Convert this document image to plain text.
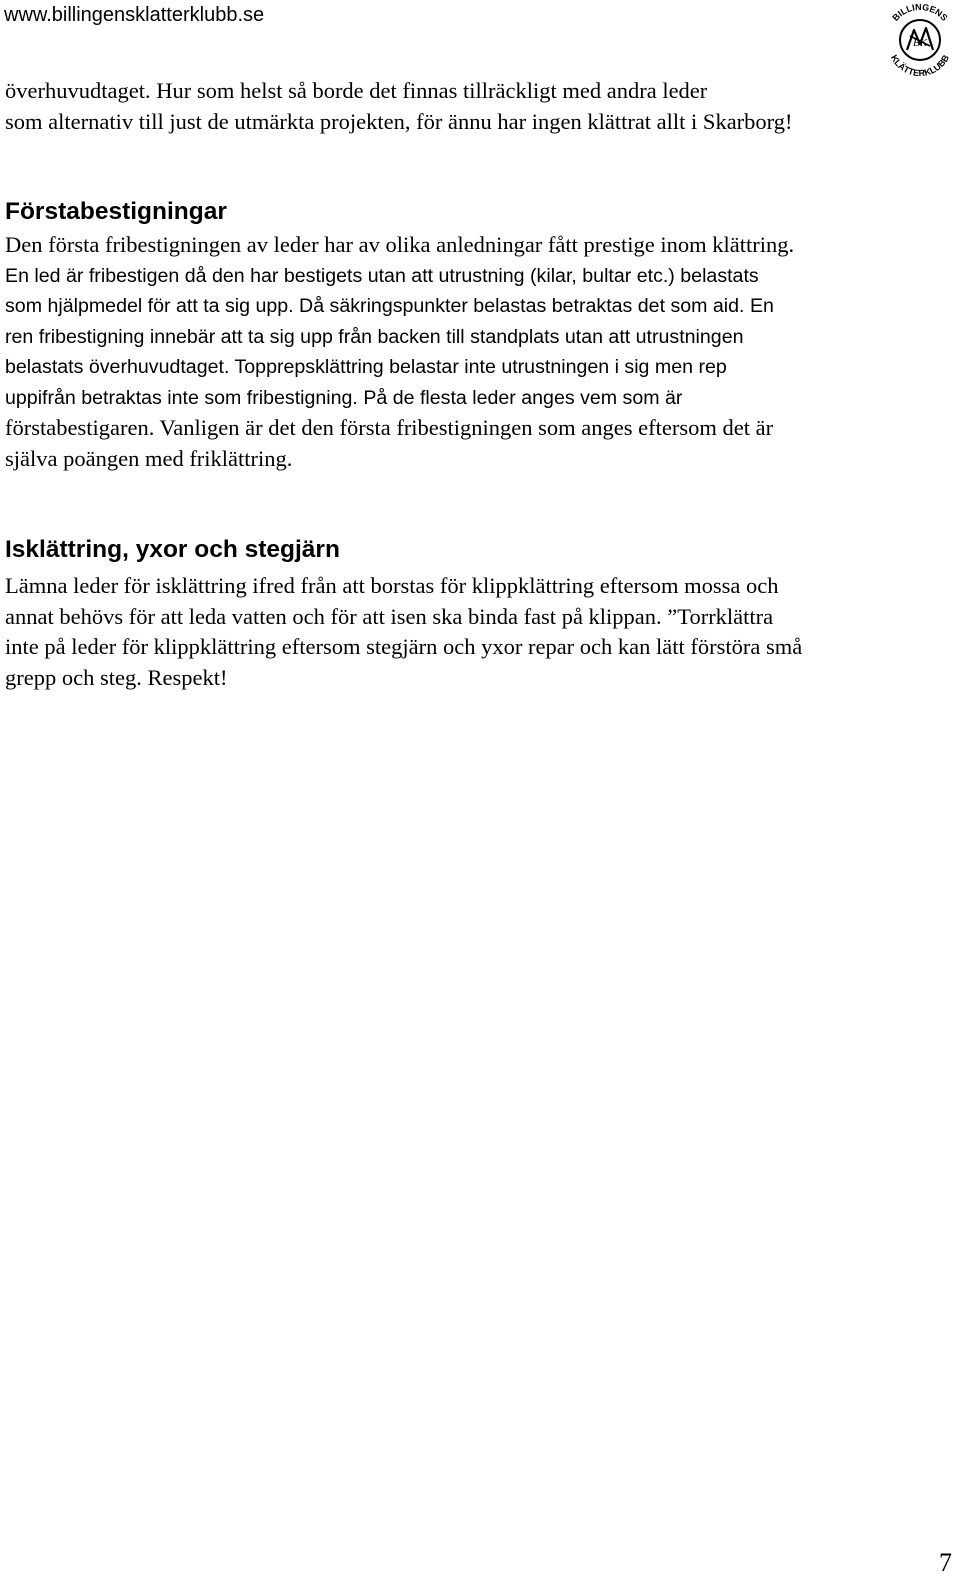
www.billingensklatterklubb.se	BILLINGENS
KLÄTTERKLUBB
BK
överhuvudtaget. Hur som helst så borde det finnas tillräckligt med andra leder
som alternativ till just de utmärkta projekten, för ännu har ingen klättrat allt i Skarborg!
Förstabestigningar
Den första fribestigningen av leder har av olika anledningar fått prestige inom klättring.
En led är fribestigen då den har bestigets utan att utrustning (kilar, bultar etc.) belastats
som hjälpmedel för att ta sig upp. Då säkringspunkter belastas betraktas det som aid. En
ren fribestigning innebär att ta sig upp från backen till standplats utan att utrustningen
belastats överhuvudtaget. Topprepsklättring belastar inte utrustningen i sig men rep
uppifrån betraktas inte som fribestigning. På de flesta leder anges vem som är
förstabestigaren. Vanligen är det den första fribestigningen som anges eftersom det är
själva poängen med friklättring.
Isklättring, yxor och stegjärn
Lämna leder för isklättring ifred från att borstas för klippklättring eftersom mossa och
annat behövs för att leda vatten och för att isen ska binda fast på klippan. ”Torrklättra
inte på leder för klippklättring eftersom stegjärn och yxor repar och kan lätt förstöra små
grepp och steg. Respekt!
7
